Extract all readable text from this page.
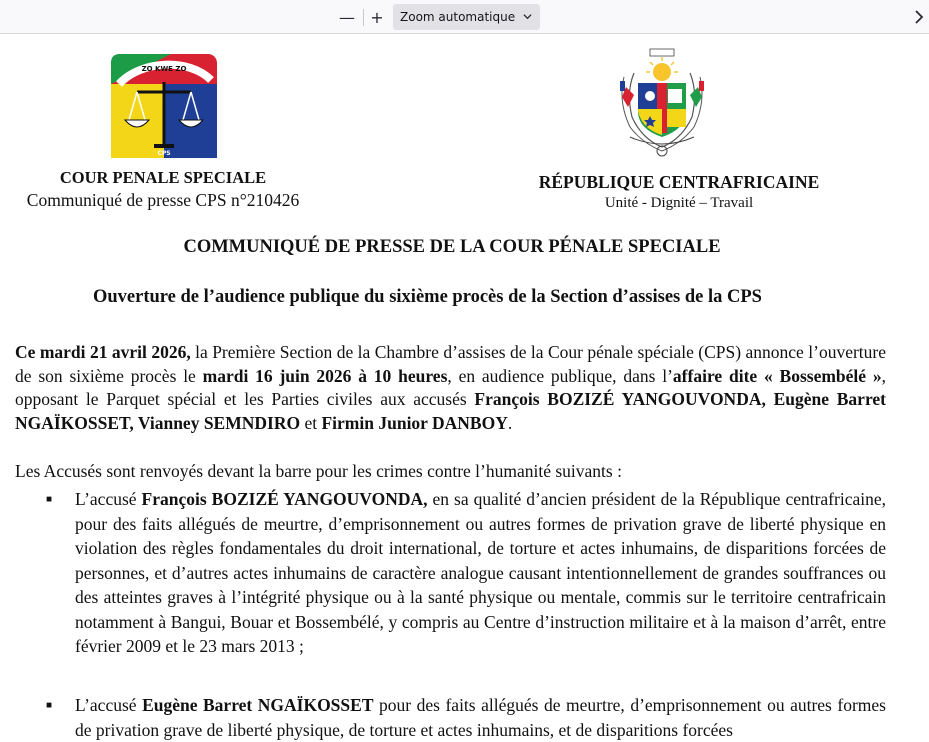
— +	Zoom automatique
ZO KWE ZO
CPS
COUR PENALE SPECIALE
Communiqué de presse CPS n°210426
RÉPUBLIQUE CENTRAFRICAINE
Unité - Dignité – Travail
COMMUNIQUÉ DE PRESSE DE LA COUR PÉNALE SPECIALE
Ouverture de l’audience publique du sixième procès de la Section d’assises de la CPS
Ce mardi 21 avril 2026, la Première Section de la Chambre d’assises de la Cour pénale spéciale (CPS) annonce l’ouverture de son sixième procès le mardi 16 juin 2026 à 10 heures, en audience publique, dans l’affaire dite « Bossembélé », opposant le Parquet spécial et les Parties civiles aux accusés François BOZIZÉ YANGOUVONDA, Eugène Barret NGAÏKOSSET, Vianney SEMNDIRO et Firmin Junior DANBOY.
Les Accusés sont renvoyés devant la barre pour les crimes contre l’humanité suivants :
■ L’accusé François BOZIZÉ YANGOUVONDA, en sa qualité d’ancien président de la République centrafricaine, pour des faits allégués de meurtre, d’emprisonnement ou autres formes de privation grave de liberté physique en violation des règles fondamentales du droit international, de torture et actes inhumains, de disparitions forcées de personnes, et d’autres actes inhumains de caractère analogue causant intentionnellement de grandes souffrances ou des atteintes graves à l’intégrité physique ou à la santé physique ou mentale, commis sur le territoire centrafricain notamment à Bangui, Bouar et Bossembélé, y compris au Centre d’instruction militaire et à la maison d’arrêt, entre février 2009 et le 23 mars 2013 ;
■ L’accusé Eugène Barret NGAÏKOSSET pour des faits allégués de meurtre, d’emprisonnement ou autres formes de privation grave de liberté physique, de torture et actes inhumains, et de disparitions forcées
